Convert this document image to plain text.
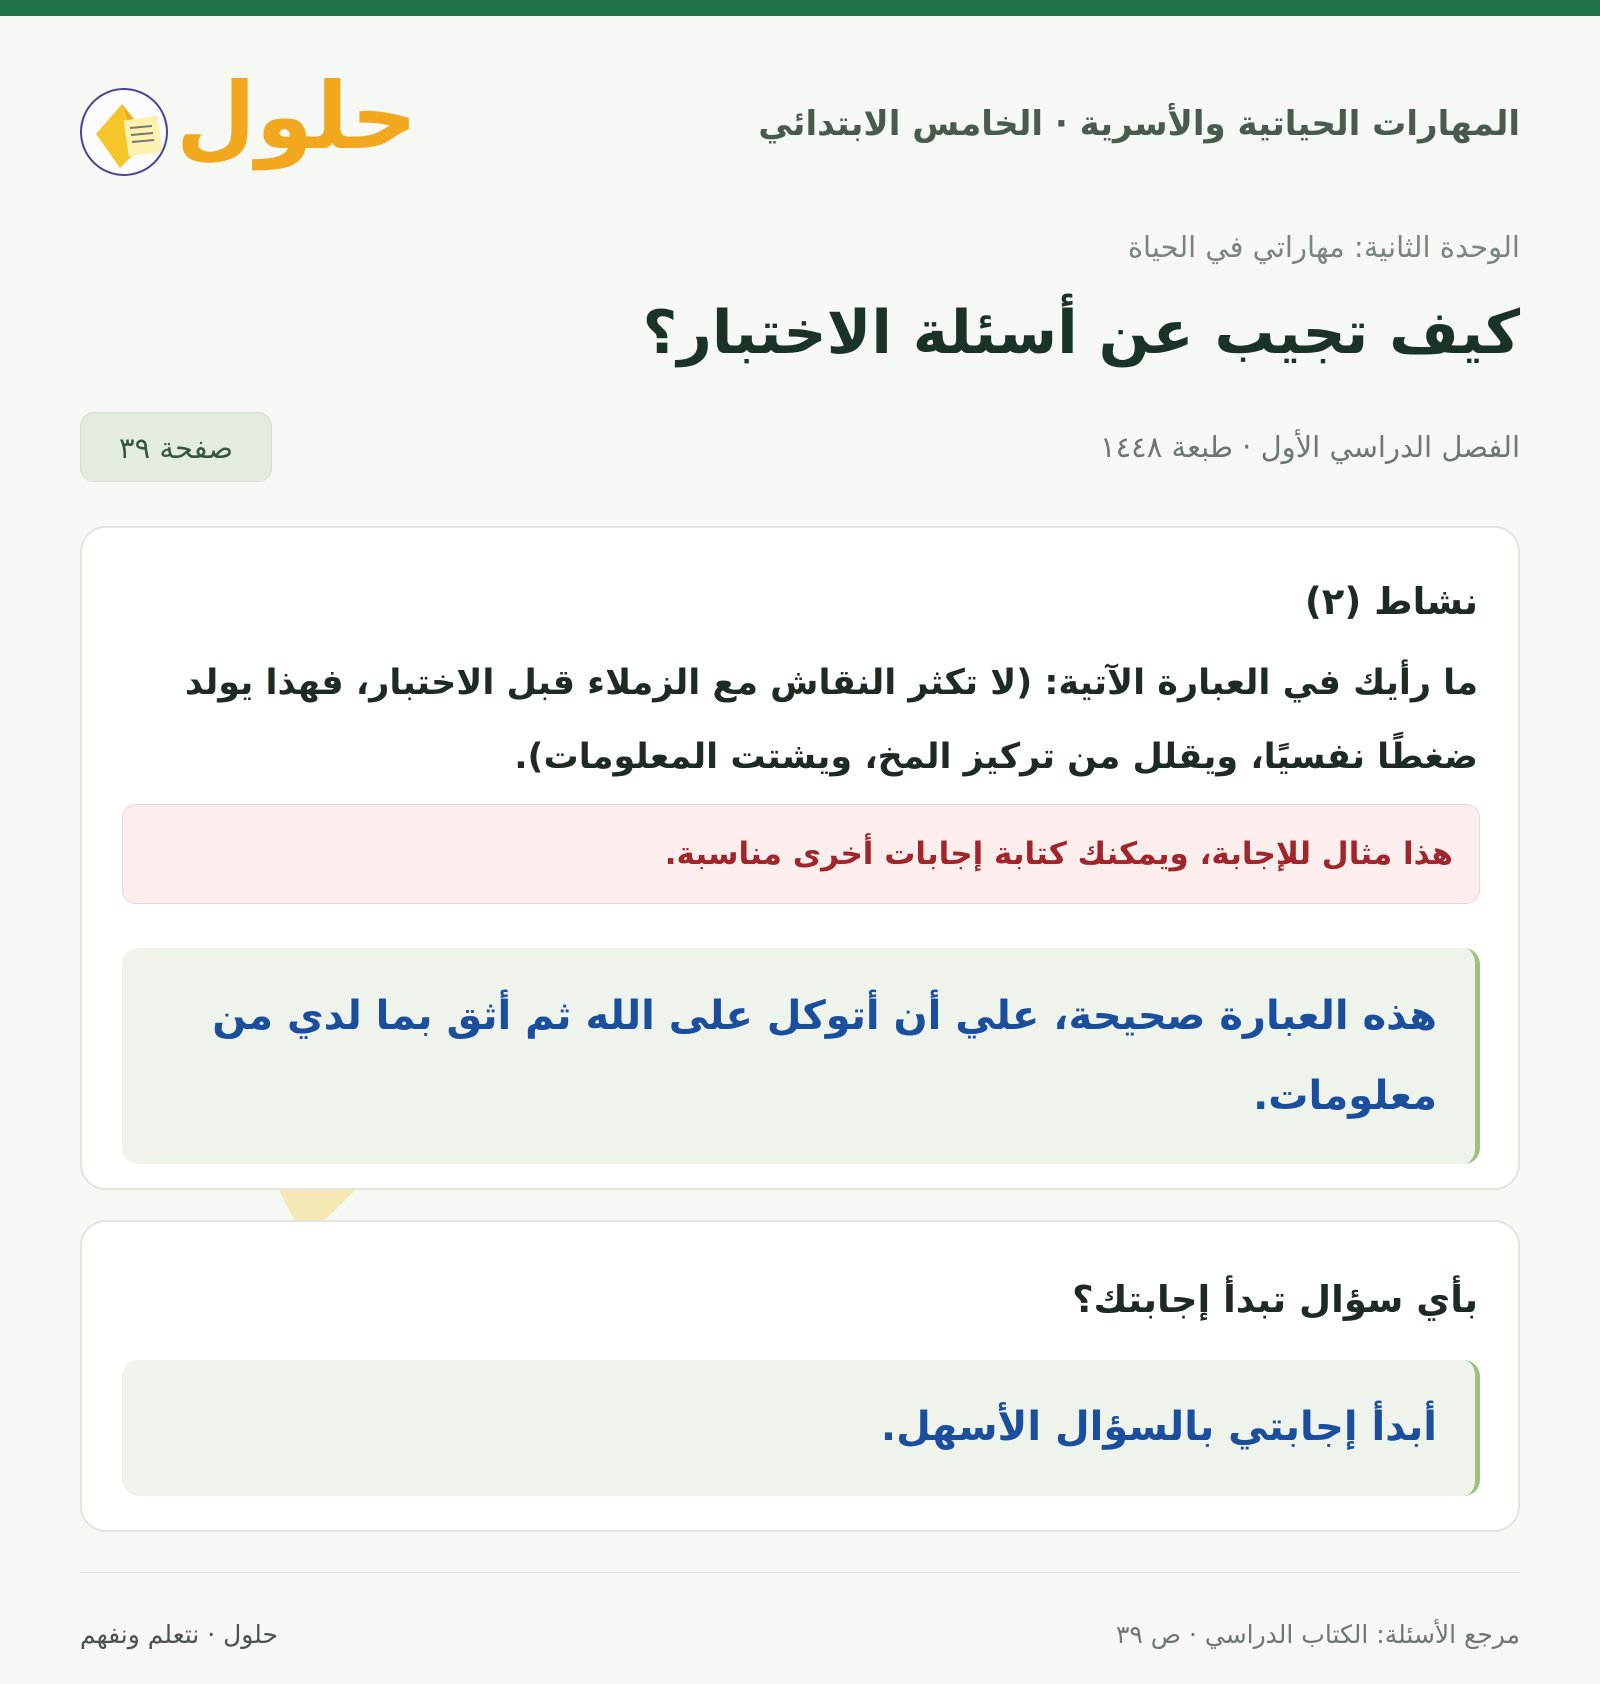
المهارات الحياتية والأسرية · الخامس الابتدائي
حلول
الوحدة الثانية: مهاراتي في الحياة
كيف تجيب عن أسئلة الاختبار؟
الفصل الدراسي الأول · طبعة ١٤٤٨
صفحة ٣٩
نشاط (٢)

ما رأيك في العبارة الآتية: (لا تكثر النقاش مع الزملاء قبل الاختبار، فهذا يولد ضغطًا نفسيًا، ويقلل من تركيز المخ، ويشتت المعلومات).

هذا مثال للإجابة، ويمكنك كتابة إجابات أخرى مناسبة.
هذه العبارة صحيحة، علي أن أتوكل على الله ثم أثق بما لدي من معلومات.
بأي سؤال تبدأ إجابتك؟
أبدأ إجابتي بالسؤال الأسهل.
مرجع الأسئلة: الكتاب الدراسي · ص ٣٩
حلول · نتعلم ونفهم
